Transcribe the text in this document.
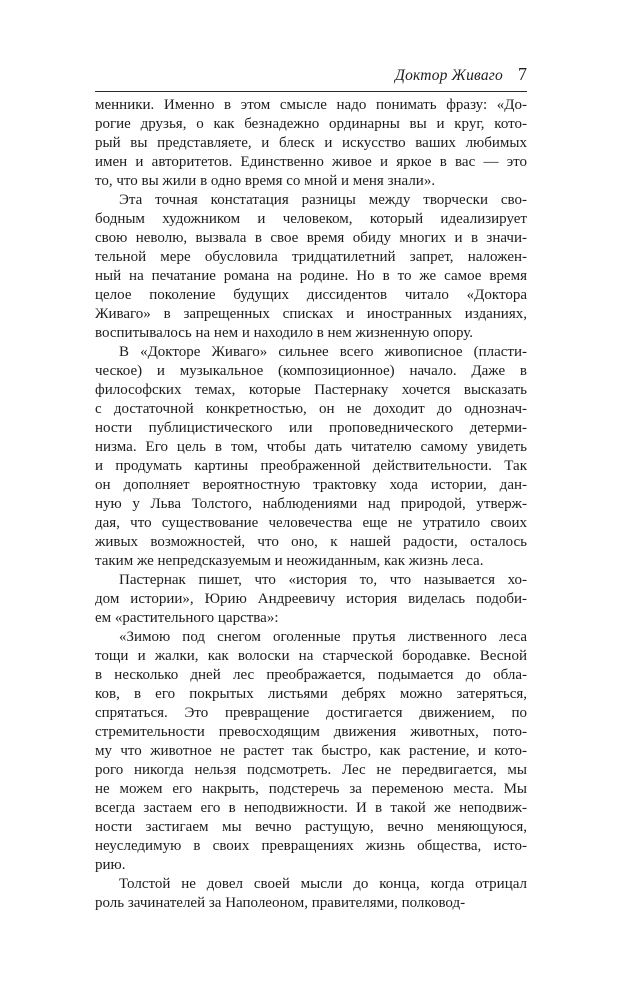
Доктор Живаго 7
менники. Именно в этом смысле надо понимать фразу: «До-
рогие друзья, о как безнадежно ординарны вы и круг, кото-
рый вы представляете, и блеск и искусство ваших любимых
имен и авторитетов. Единственно живое и яркое в вас — это
то, что вы жили в одно время со мной и меня знали».
Эта точная констатация разницы между творчески сво-
бодным художником и человеком, который идеализирует
свою неволю, вызвала в свое время обиду многих и в значи-
тельной мере обусловила тридцатилетний запрет, наложен-
ный на печатание романа на родине. Но в то же самое время
целое поколение будущих диссидентов читало «Доктора
Живаго» в запрещенных списках и иностранных изданиях,
воспитывалось на нем и находило в нем жизненную опору.
В «Докторе Живаго» сильнее всего живописное (пласти-
ческое) и музыкальное (композиционное) начало. Даже в
философских темах, которые Пастернаку хочется высказать
с достаточной конкретностью, он не доходит до однознач-
ности публицистического или проповеднического детерми-
низма. Его цель в том, чтобы дать читателю самому увидеть
и продумать картины преображенной действительности. Так
он дополняет вероятностную трактовку хода истории, дан-
ную у Льва Толстого, наблюдениями над природой, утверж-
дая, что существование человечества еще не утратило своих
живых возможностей, что оно, к нашей радости, осталось
таким же непредсказуемым и неожиданным, как жизнь леса.
Пастернак пишет, что «история то, что называется хо-
дом истории», Юрию Андреевичу история виделась подоби-
ем «растительного царства»:
«Зимою под снегом оголенные прутья лиственного леса
тощи и жалки, как волоски на старческой бородавке. Весной
в несколько дней лес преображается, подымается до обла-
ков, в его покрытых листьями дебрях можно затеряться,
спрятаться. Это превращение достигается движением, по
стремительности превосходящим движения животных, пото-
му что животное не растет так быстро, как растение, и кото-
рого никогда нельзя подсмотреть. Лес не передвигается, мы
не можем его накрыть, подстеречь за переменою места. Мы
всегда застаем его в неподвижности. И в такой же неподвиж-
ности застигаем мы вечно растущую, вечно меняющуюся,
неуследимую в своих превращениях жизнь общества, исто-
рию.
Толстой не довел своей мысли до конца, когда отрицал
роль зачинателей за Наполеоном, правителями, полковод-
